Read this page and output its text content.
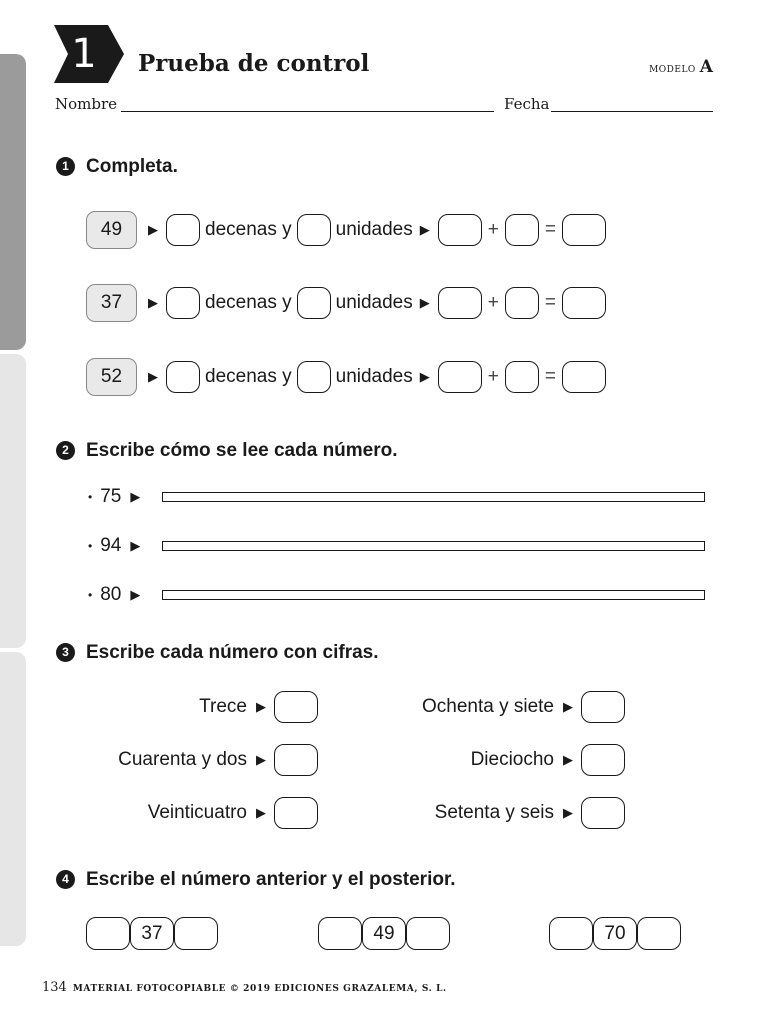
1	Prueba de control	modelo A
Nombre	Fecha
1 Completa.
49	▶ decenas y unidades ▶	+ =
37	▶ decenas y unidades ▶	+ =
52	▶ decenas y unidades ▶	+ =
2 Escribe cómo se lee cada número.
• 75 ▶
• 94 ▶
• 80 ▶
3 Escribe cada número con cifras.
Trece ▶
Cuarenta y dos ▶
Veinticuatro ▶
Ochenta y siete ▶
Dieciocho ▶
Setenta y seis ▶
4 Escribe el número anterior y el posterior.
37	49	70
134 MATERIAL FOTOCOPIABLE © 2019 EDICIONES GRAZALEMA, S. L.
